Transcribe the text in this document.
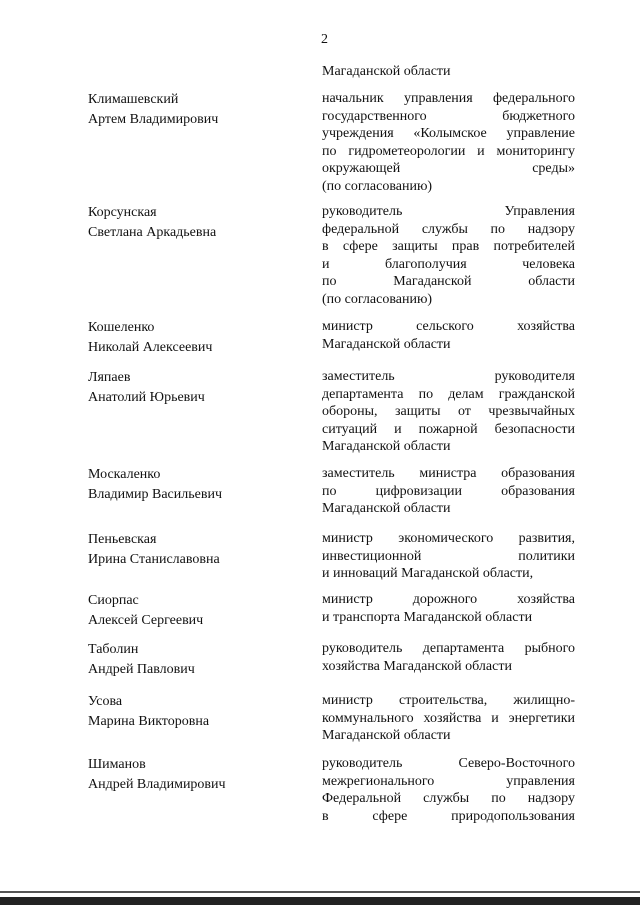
2
Магаданской области
Климашевский
Артем Владимирович
начальник управления федерального
государственного бюджетного
учреждения «Колымское управление
по гидрометеорологии и мониторингу
окружающей среды»
(по согласованию)
Корсунская
Светлана Аркадьевна
руководитель Управления
федеральной службы по надзору
в сфере защиты прав потребителей
и благополучия человека
по Магаданской области
(по согласованию)
Кошеленко
Николай Алексеевич
министр сельского хозяйства
Магаданской области
Ляпаев
Анатолий Юрьевич
заместитель руководителя
департамента по делам гражданской
обороны, защиты от чрезвычайных
ситуаций и пожарной безопасности
Магаданской области
Москаленко
Владимир Васильевич
заместитель министра образования
по цифровизации образования
Магаданской области
Пеньевская
Ирина Станиславовна
министр экономического развития,
инвестиционной политики
и инноваций Магаданской области,
Сиорпас
Алексей Сергеевич
министр дорожного хозяйства
и транспорта Магаданской области
Таболин
Андрей Павлович
руководитель департамента рыбного
хозяйства Магаданской области
Усова
Марина Викторовна
министр строительства, жилищно-
коммунального хозяйства и энергетики
Магаданской области
Шиманов
Андрей Владимирович
руководитель Северо-Восточного
межрегионального управления
Федеральной службы по надзору
в сфере природопользования
